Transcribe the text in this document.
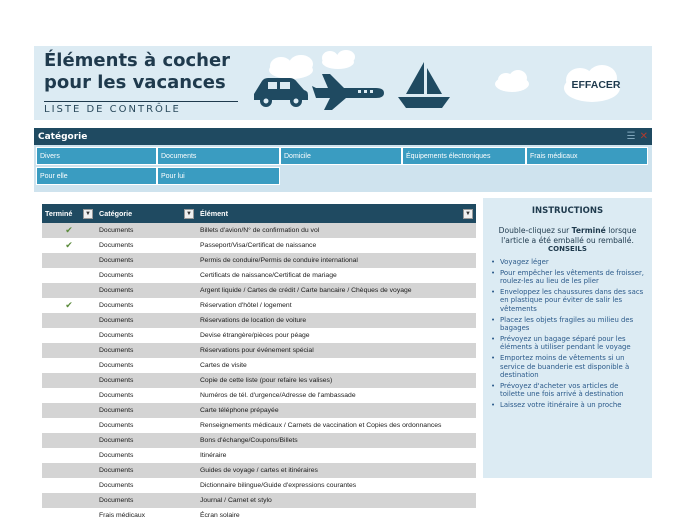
Éléments à cocher
pour les vacances
LISTE DE CONTRÔLE
EFFACER
Catégorie	☰ ✕
Divers	Documents	Domicile	Équipements électroniques	Frais médicaux
Pour elle	Pour lui
Terminé ▼	Catégorie ▼	Élément ▼

✔	Documents	Billets d'avion/N° de confirmation du vol
✔	Documents	Passeport/Visa/Certificat de naissance
	Documents	Permis de conduire/Permis de conduire international
	Documents	Certificats de naissance/Certificat de mariage
	Documents	Argent liquide / Cartes de crédit / Carte bancaire / Chèques de voyage
✔	Documents	Réservation d'hôtel / logement
	Documents	Réservations de location de voiture
	Documents	Devise étrangère/pièces pour péage
	Documents	Réservations pour événement spécial
	Documents	Cartes de visite
	Documents	Copie de cette liste (pour refaire les valises)
	Documents	Numéros de tél. d'urgence/Adresse de l'ambassade
	Documents	Carte téléphone prépayée
	Documents	Renseignements médicaux / Carnets de vaccination et Copies des ordonnances
	Documents	Bons d'échange/Coupons/Billets
	Documents	Itinéraire
	Documents	Guides de voyage / cartes et itinéraires
	Documents	Dictionnaire bilingue/Guide d'expressions courantes
	Documents	Journal / Carnet et stylo
	Frais médicaux	Écran solaire
INSTRUCTIONS
Double-cliquez sur Terminé lorsque l'article a été emballé ou remballé.
CONSEILS
• Voyagez léger
• Pour empêcher les vêtements de froisser, roulez-les au lieu de les plier
• Enveloppez les chaussures dans des sacs en plastique pour éviter de salir les vêtements
• Placez les objets fragiles au milieu des bagages
• Prévoyez un bagage séparé pour les éléments à utiliser pendant le voyage
• Emportez moins de vêtements si un service de buanderie est disponible à destination
• Prévoyez d'acheter vos articles de toilette une fois arrivé à destination
• Laissez votre itinéraire à un proche
